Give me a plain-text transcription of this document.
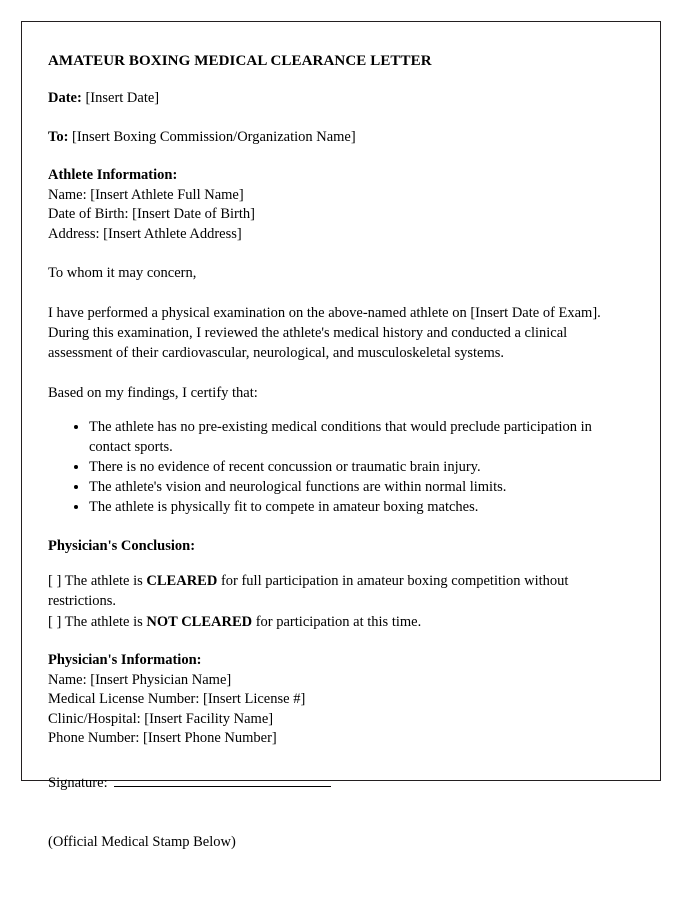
AMATEUR BOXING MEDICAL CLEARANCE LETTER
Date: [Insert Date]
To: [Insert Boxing Commission/Organization Name]
Athlete Information:
Name: [Insert Athlete Full Name]
Date of Birth: [Insert Date of Birth]
Address: [Insert Athlete Address]
To whom it may concern,
I have performed a physical examination on the above-named athlete on [Insert Date of Exam]. During this examination, I reviewed the athlete's medical history and conducted a clinical assessment of their cardiovascular, neurological, and musculoskeletal systems.
Based on my findings, I certify that:
• The athlete has no pre-existing medical conditions that would preclude participation in contact sports.
• There is no evidence of recent concussion or traumatic brain injury.
• The athlete's vision and neurological functions are within normal limits.
• The athlete is physically fit to compete in amateur boxing matches.
Physician's Conclusion:
[ ] The athlete is CLEARED for full participation in amateur boxing competition without restrictions.
[ ] The athlete is NOT CLEARED for participation at this time.
Physician's Information:
Name: [Insert Physician Name]
Medical License Number: [Insert License #]
Clinic/Hospital: [Insert Facility Name]
Phone Number: [Insert Phone Number]
Signature:

(Official Medical Stamp Below)
